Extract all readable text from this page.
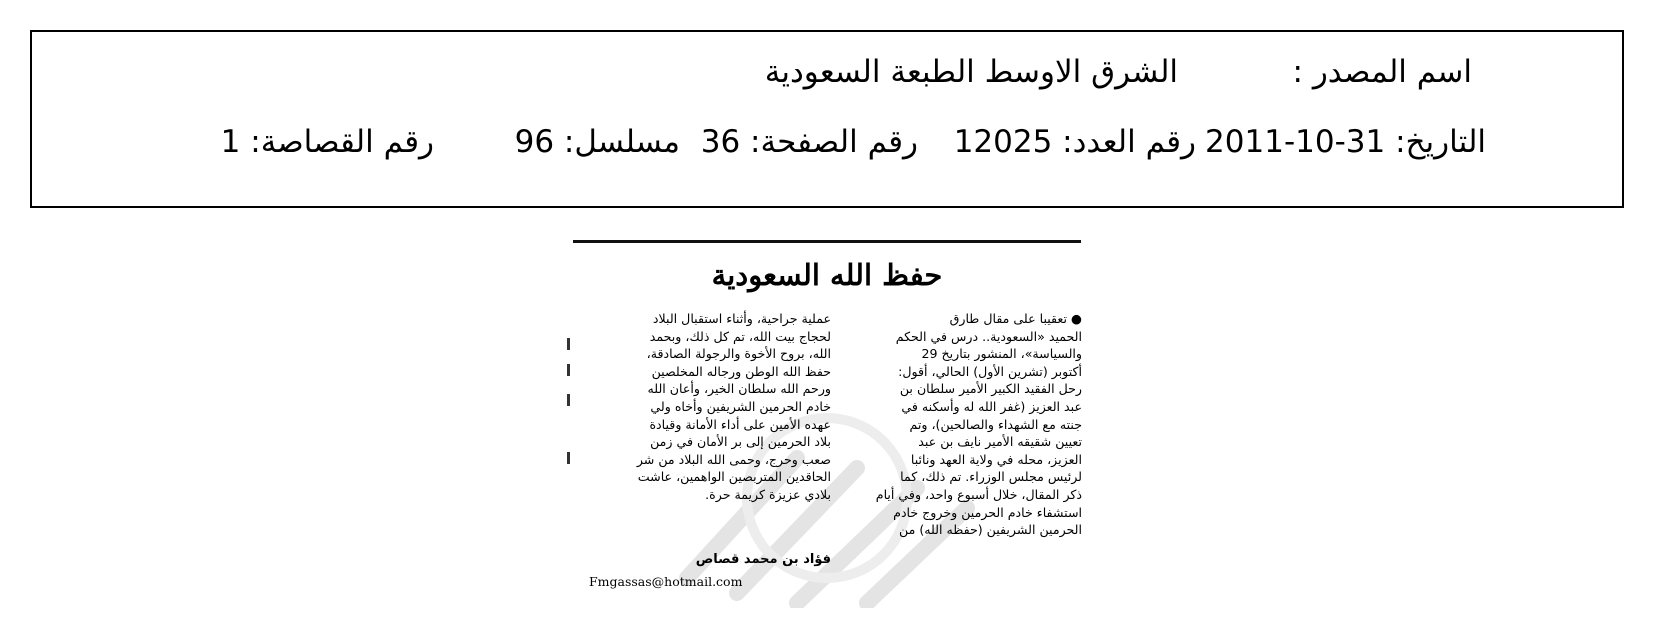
اسم المصدر :
الشرق الاوسط الطبعة السعودية
التاريخ: 31-10-2011
رقم العدد: 12025
رقم الصفحة: 36
مسلسل: 96
رقم القصاصة: 1
حفظ الله السعودية
● تعقيبا على مقال طارق
الحميد «السعودية.. درس في الحكم
والسياسة»، المنشور بتاريخ 29
أكتوبر (تشرين الأول) الحالي، أقول:
رحل الفقيد الكبير الأمير سلطان بن
عبد العزيز (غفر الله له وأسكنه في
جنته مع الشهداء والصالحين)، وتم
تعيين شقيقه الأمير نايف بن عبد
العزيز، محله في ولاية العهد ونائبا
لرئيس مجلس الوزراء. تم ذلك، كما
ذكر المقال، خلال أسبوع واحد، وفي أيام
استشفاء خادم الحرمين وخروج خادم
الحرمين الشريفين (حفظه الله) من
عملية جراحية، وأثناء استقبال البلاد
لحجاج بيت الله، تم كل ذلك، وبحمد
الله، بروح الأخوة والرجولة الصادقة،
حفظ الله الوطن ورجاله المخلصين
ورحم الله سلطان الخير، وأعان الله
خادم الحرمين الشريفين وأخاه ولي
عهده الأمين على أداء الأمانة وقيادة
بلاد الحرمين إلى بر الأمان في زمن
صعب وحرج، وحمى الله البلاد من شر
الحاقدين المتربصين الواهمين، عاشت
بلادي عزيزة كريمة حرة.
فؤاد بن محمد قصاص
Fmgassas@hotmail.com
